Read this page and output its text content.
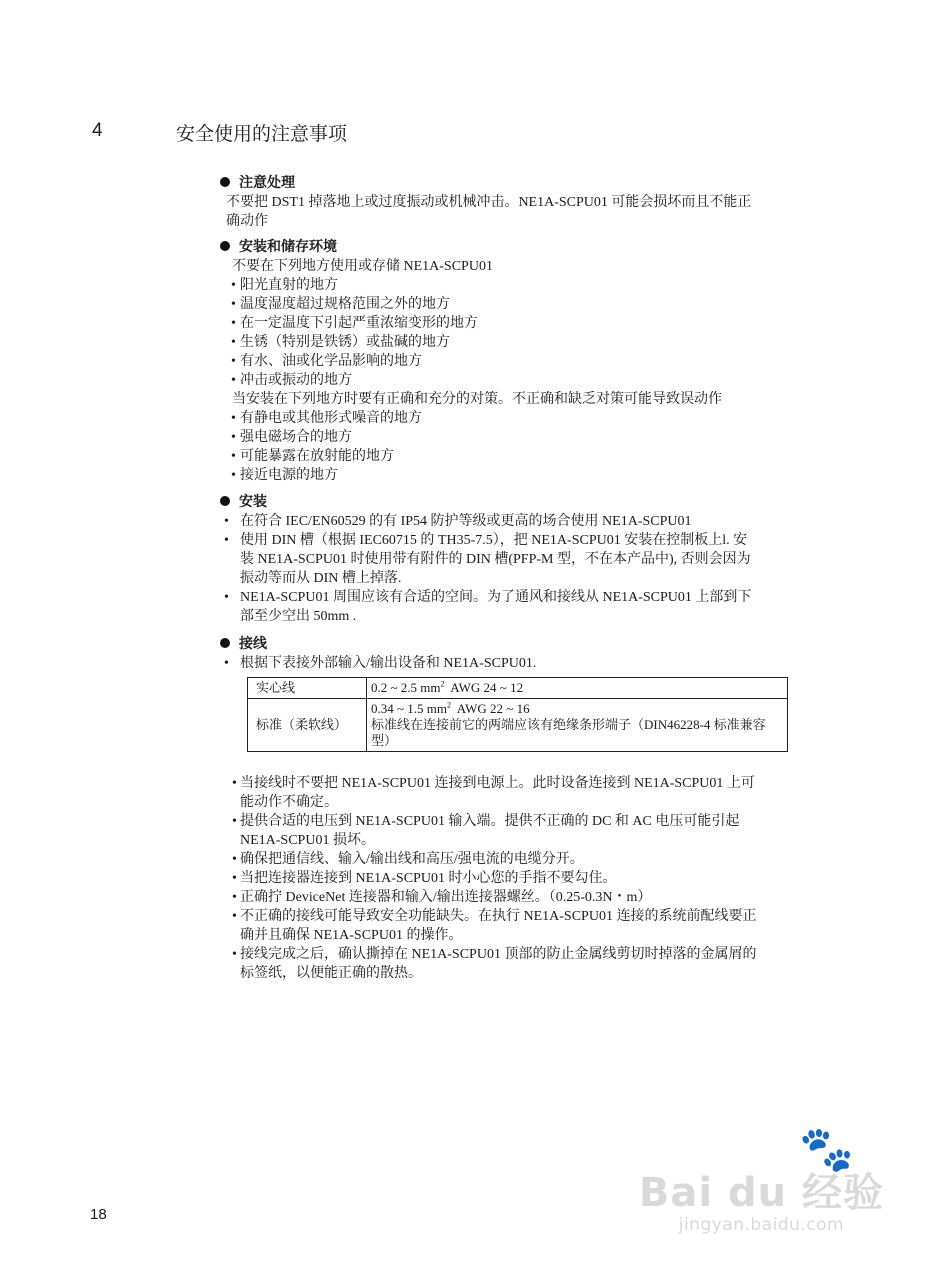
4	安全使用的注意事项
注意处理

不要把 DST1 掉落地上或过度振动或机械冲击。NE1A-SCPU01 可能会损坏而且不能正

确动作

安装和储存环境

不要在下列地方使用或存储 NE1A-SCPU01

• 阳光直射的地方

• 温度湿度超过规格范围之外的地方

• 在一定温度下引起严重浓缩变形的地方

• 生锈（特别是铁锈）或盐碱的地方

• 有水、油或化学品影响的地方

• 冲击或振动的地方

当安装在下列地方时要有正确和充分的对策。不正确和缺乏对策可能导致误动作

• 有静电或其他形式噪音的地方

• 强电磁场合的地方

• 可能暴露在放射能的地方

• 接近电源的地方

安装
• 在符合 IEC/EN60529 的有 IP54 防护等级或更高的场合使用 NE1A-SCPU01
• 使用 DIN 槽（根据 IEC60715 的 TH35-7.5），把 NE1A-SCPU01 安装在控制板上l. 安
装 NE1A-SCPU01 时使用带有附件的 DIN 槽(PFP-M 型，不在本产品中), 否则会因为
振动等而从 DIN 槽上掉落.
• NE1A-SCPU01 周围应该有合适的空间。为了通风和接线从 NE1A-SCPU01 上部到下
部至少空出 50mm .
接线
• 根据下表接外部输入/输出设备和 NE1A-SCPU01.
实心线	0.2 ~ 2.5 $mm^2$  AWG 24 ~ 12
标准（柔软线）	0.34 ~ 1.5 $mm^2$  AWG 22 ~ 16
标准线在连接前它的两端应该有绝缘条形端子（DIN46228-4 标准兼容
型）
• 当接线时不要把 NE1A-SCPU01 连接到电源上。此时设备连接到 NE1A-SCPU01 上可
能动作不确定。
• 提供合适的电压到 NE1A-SCPU01 输入端。提供不正确的 DC 和 AC 电压可能引起
NE1A-SCPU01 损坏。
• 确保把通信线、输入/输出线和高压/强电流的电缆分开。
• 当把连接器连接到 NE1A-SCPU01 时小心您的手指不要勾住。
• 正确拧 DeviceNet 连接器和输入/输出连接器螺丝。（0.25-0.3N・m）
• 不正确的接线可能导致安全功能缺失。在执行 NE1A-SCPU01 连接的系统前配线要正
确并且确保 NE1A-SCPU01 的操作。
• 接线完成之后，确认撕掉在 NE1A-SCPU01 顶部的防止金属线剪切时掉落的金属屑的
标签纸，以便能正确的散热。
18
🐾
Bai du 经验
jingyan.baidu.com
